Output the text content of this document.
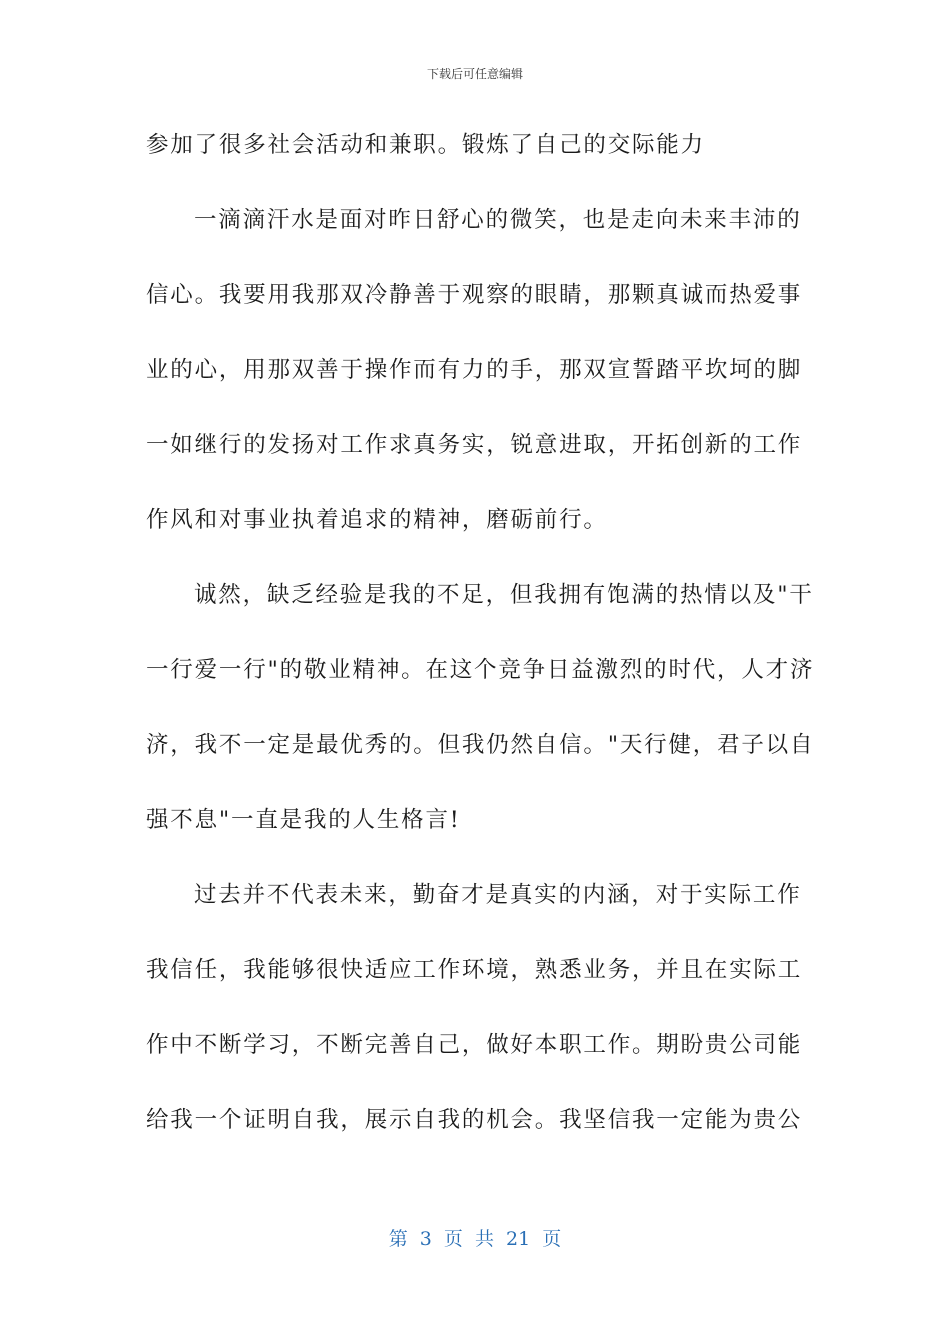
下载后可任意编辑
参加了很多社会活动和兼职。锻炼了自己的交际能力
一滴滴汗水是面对昨日舒心的微笑，也是走向未来丰沛的
信心。我要用我那双冷静善于观察的眼睛，那颗真诚而热爱事
业的心，用那双善于操作而有力的手，那双宣誓踏平坎坷的脚
一如继行的发扬对工作求真务实，锐意进取，开拓创新的工作
作风和对事业执着追求的精神，磨砺前行。
诚然，缺乏经验是我的不足，但我拥有饱满的热情以及"干
一行爱一行"的敬业精神。在这个竞争日益激烈的时代，人才济
济，我不一定是最优秀的。但我仍然自信。"天行健，君子以自
强不息"一直是我的人生格言!
过去并不代表未来，勤奋才是真实的内涵，对于实际工作
我信任，我能够很快适应工作环境，熟悉业务，并且在实际工
作中不断学习，不断完善自己，做好本职工作。期盼贵公司能
给我一个证明自我，展示自我的机会。我坚信我一定能为贵公
第 3 页 共 21 页
